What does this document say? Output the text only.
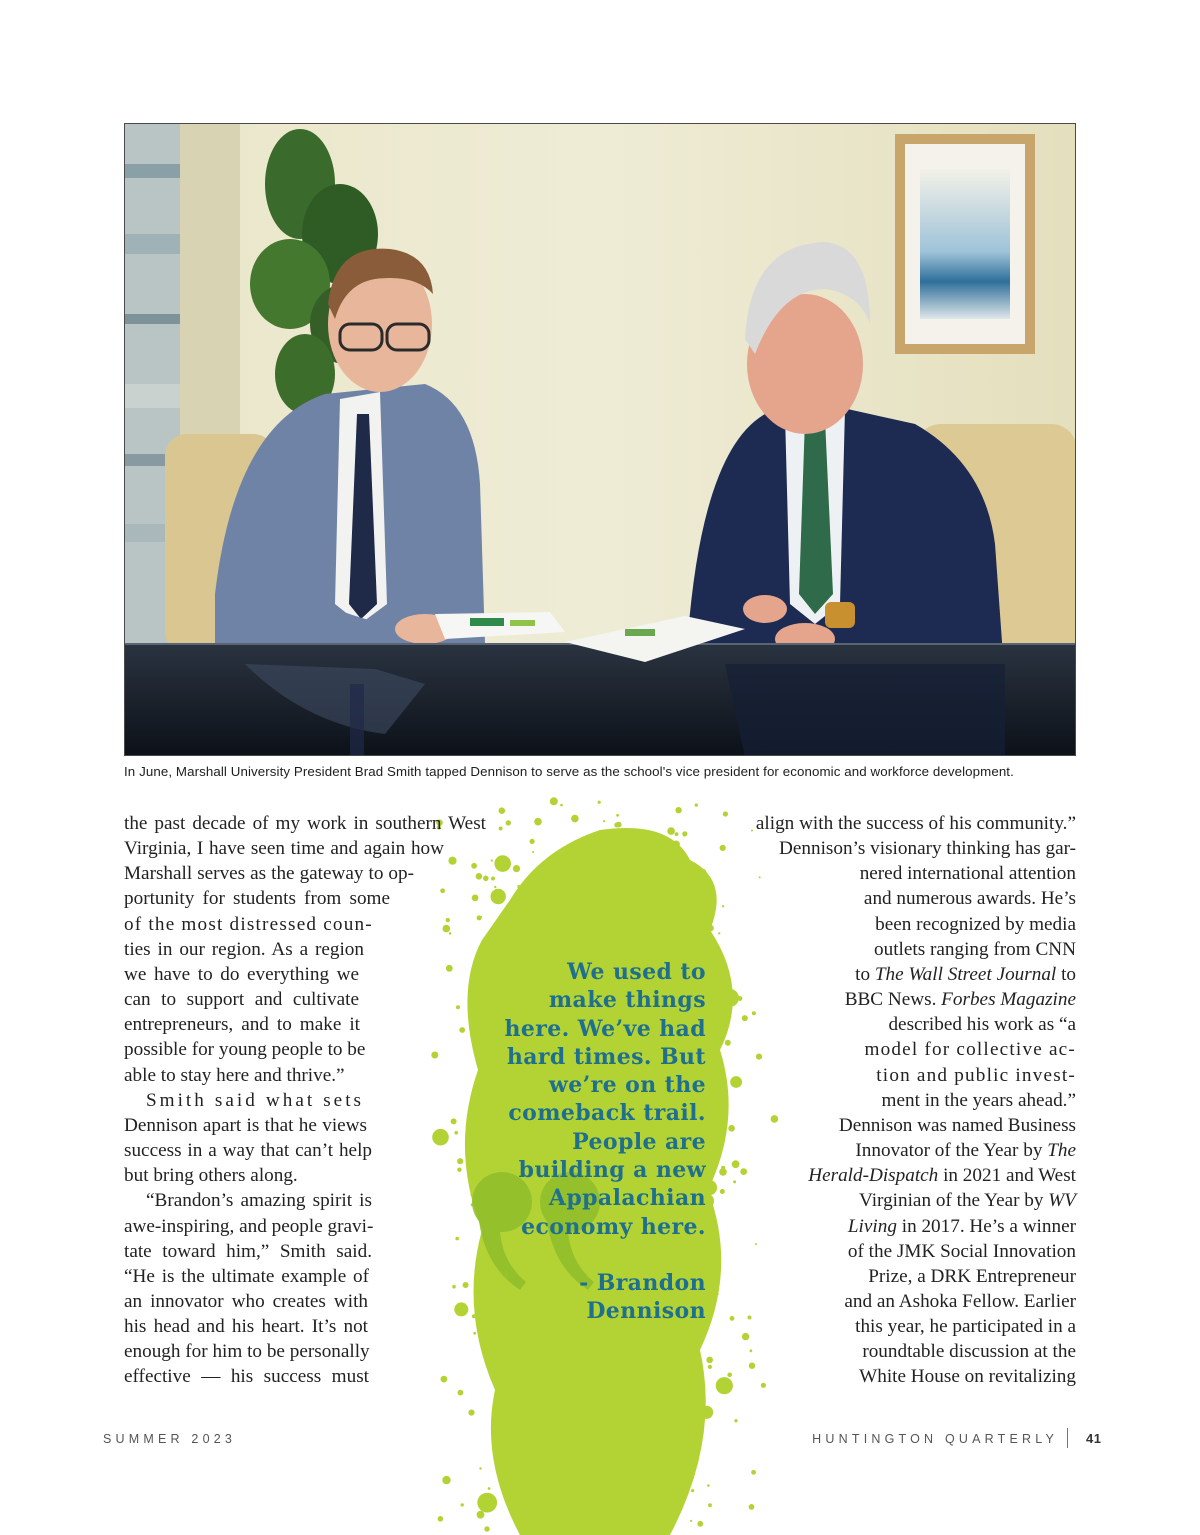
In June, Marshall University President Brad Smith tapped Dennison to serve as the school's vice president for economic and workforce development.
the past decade of my work in southern West
Virginia, I have seen time and again how
Marshall serves as the gateway to op-
portunity for students from some
of the most distressed coun-
ties in our region. As a region
we have to do everything we
can to support and cultivate
entrepreneurs, and to make it
possible for young people to be
able to stay here and thrive.”
Smith said what sets
Dennison apart is that he views
success in a way that can’t help
but bring others along.
“Brandon’s amazing spirit is
awe-inspiring, and people gravi-
tate toward him,” Smith said.
“He is the ultimate example of
an innovator who creates with
his head and his heart. It’s not
enough for him to be personally
effective — his success must
align with the success of his community.”
Dennison’s visionary thinking has gar-
nered international attention
and numerous awards. He’s
been recognized by media
outlets ranging from CNN
to The Wall Street Journal to
BBC News. Forbes Magazine
described his work as “a
model for collective ac-
tion and public invest-
ment in the years ahead.”
Dennison was named Business
Innovator of the Year by The
Herald-Dispatch in 2021 and West
Virginian of the Year by WV
Living in 2017. He’s a winner
of the JMK Social Innovation
Prize, a DRK Entrepreneur
and an Ashoka Fellow. Earlier
this year, he participated in a
roundtable discussion at the
White House on revitalizing
We used to
make things
here. We’ve had
hard times. But
we’re on the
comeback trail.
People are
building a new
Appalachian
economy here.
- Brandon
Dennison
SUMMER 2023	HUNTINGTON QUARTERLY 41
